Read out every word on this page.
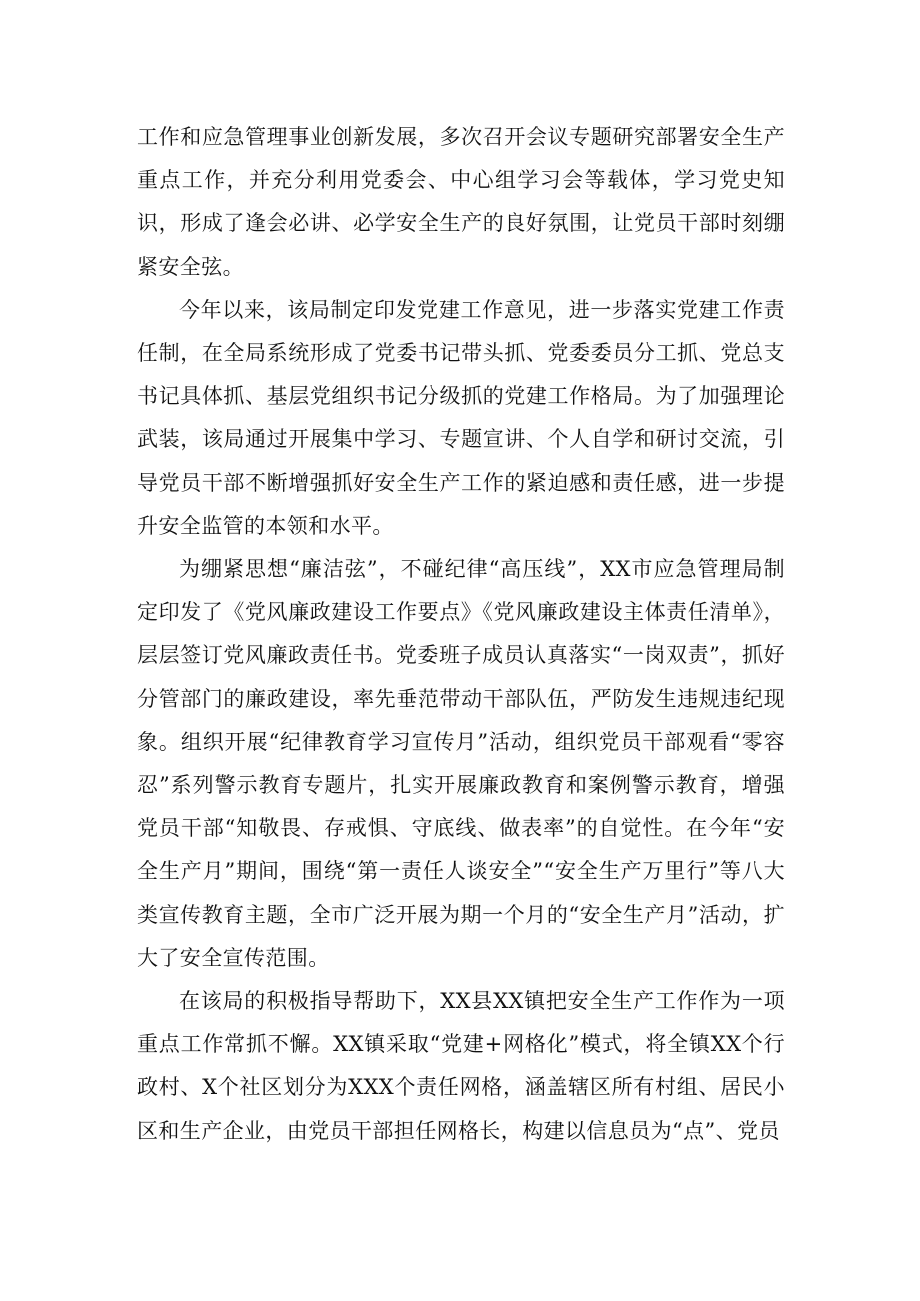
工作和应急管理事业创新发展，多次召开会议专题研究部署安全生产重点工作，并充分利用党委会、中心组学习会等载体，学习党史知识，形成了逢会必讲、必学安全生产的良好氛围，让党员干部时刻绷紧安全弦。

今年以来，该局制定印发党建工作意见，进一步落实党建工作责任制，在全局系统形成了党委书记带头抓、党委委员分工抓、党总支书记具体抓、基层党组织书记分级抓的党建工作格局。为了加强理论武装，该局通过开展集中学习、专题宣讲、个人自学和研讨交流，引导党员干部不断增强抓好安全生产工作的紧迫感和责任感，进一步提升安全监管的本领和水平。

为绷紧思想“廉洁弦”，不碰纪律“高压线”，XX市应急管理局制定印发了《党风廉政建设工作要点》《党风廉政建设主体责任清单》，层层签订党风廉政责任书。党委班子成员认真落实“一岗双责”，抓好分管部门的廉政建设，率先垂范带动干部队伍，严防发生违规违纪现象。组织开展“纪律教育学习宣传月”活动，组织党员干部观看“零容忍”系列警示教育专题片，扎实开展廉政教育和案例警示教育，增强党员干部“知敬畏、存戒惧、守底线、做表率”的自觉性。在今年“安全生产月”期间，围绕“第一责任人谈安全”“安全生产万里行”等八大类宣传教育主题，全市广泛开展为期一个月的“安全生产月”活动，扩大了安全宣传范围。

在该局的积极指导帮助下，XX县XX镇把安全生产工作作为一项重点工作常抓不懈。XX镇采取“党建+网格化”模式，将全镇XX个行政村、X个社区划分为XXX个责任网格，涵盖辖区所有村组、居民小区和生产企业，由党员干部担任网格长，构建以信息员为“点”、党员
